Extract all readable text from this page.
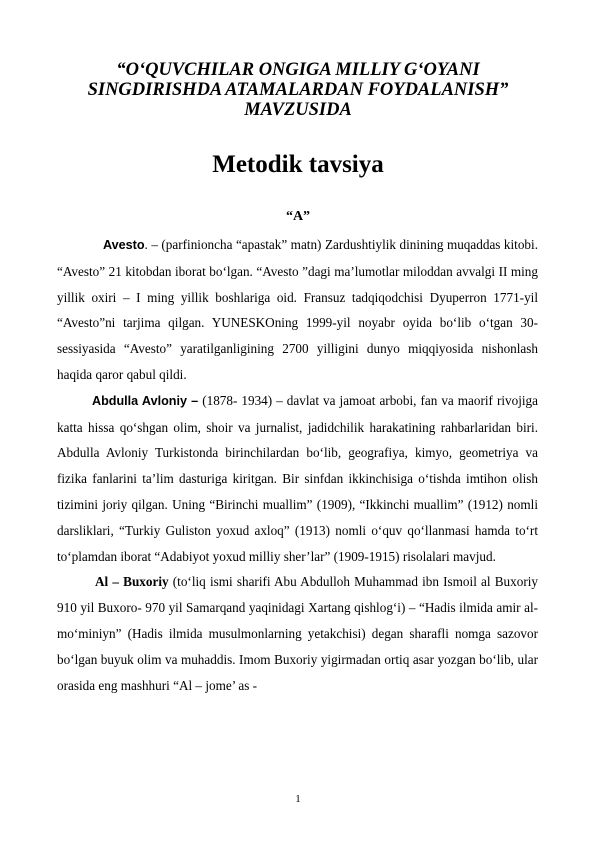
“O‘QUVCHILAR ONGIGA MILLIY G‘OYANI SINGDIRISHDA ATAMALARDAN FOYDALANISH” MAVZUSIDA
Metodik tavsiya
“A”

Avesto. – (parfinioncha “apastak” matn) Zardushtiylik dinining muqaddas kitobi. “Avesto” 21 kitobdan iborat bo‘lgan. “Avesto ”dagi ma’lumotlar miloddan avvalgi II ming yillik oxiri – I ming yillik boshlariga oid. Fransuz tadqiqodchisi Dyuperron 1771-yil “Avesto”ni tarjima qilgan. YUNESKOning 1999-yil noyabr oyida bo‘lib o‘tgan 30-sessiyasida “Avesto” yaratilganligining 2700 yilligini dunyo miqqiyosida nishonlash haqida qaror qabul qildi.

Abdulla Avloniy – (1878- 1934) – davlat va jamoat arbobi, fan va maorif rivojiga katta hissa qo‘shgan olim, shoir va jurnalist, jadidchilik harakatining rahbarlaridan biri. Abdulla Avloniy Turkistonda birinchilardan bo‘lib, geografiya, kimyo, geometriya va fizika fanlarini ta’lim dasturiga kiritgan. Bir sinfdan ikkinchisiga o‘tishda imtihon olish tizimini joriy qilgan. Uning “Birinchi muallim” (1909), “Ikkinchi muallim” (1912) nomli darsliklari, “Turkiy Guliston yoxud axloq” (1913) nomli o‘quv qo‘llanmasi hamda to‘rt to‘plamdan iborat “Adabiyot yoxud milliy sher’lar” (1909-1915) risolalari mavjud.

Al – Buxoriy (to‘liq ismi sharifi Abu Abdulloh Muhammad ibn Ismoil al Buxoriy 910 yil Buxoro- 970 yil Samarqand yaqinidagi Xartang qishlog‘i) – “Hadis ilmida amir al- mo‘miniyn” (Hadis ilmida musulmonlarning yetakchisi) degan sharafli nomga sazovor bo‘lgan buyuk olim va muhaddis. Imom Buxoriy yigirmadan ortiq asar yozgan bo‘lib, ular orasida eng mashhuri “Al – jome’ as -

1
